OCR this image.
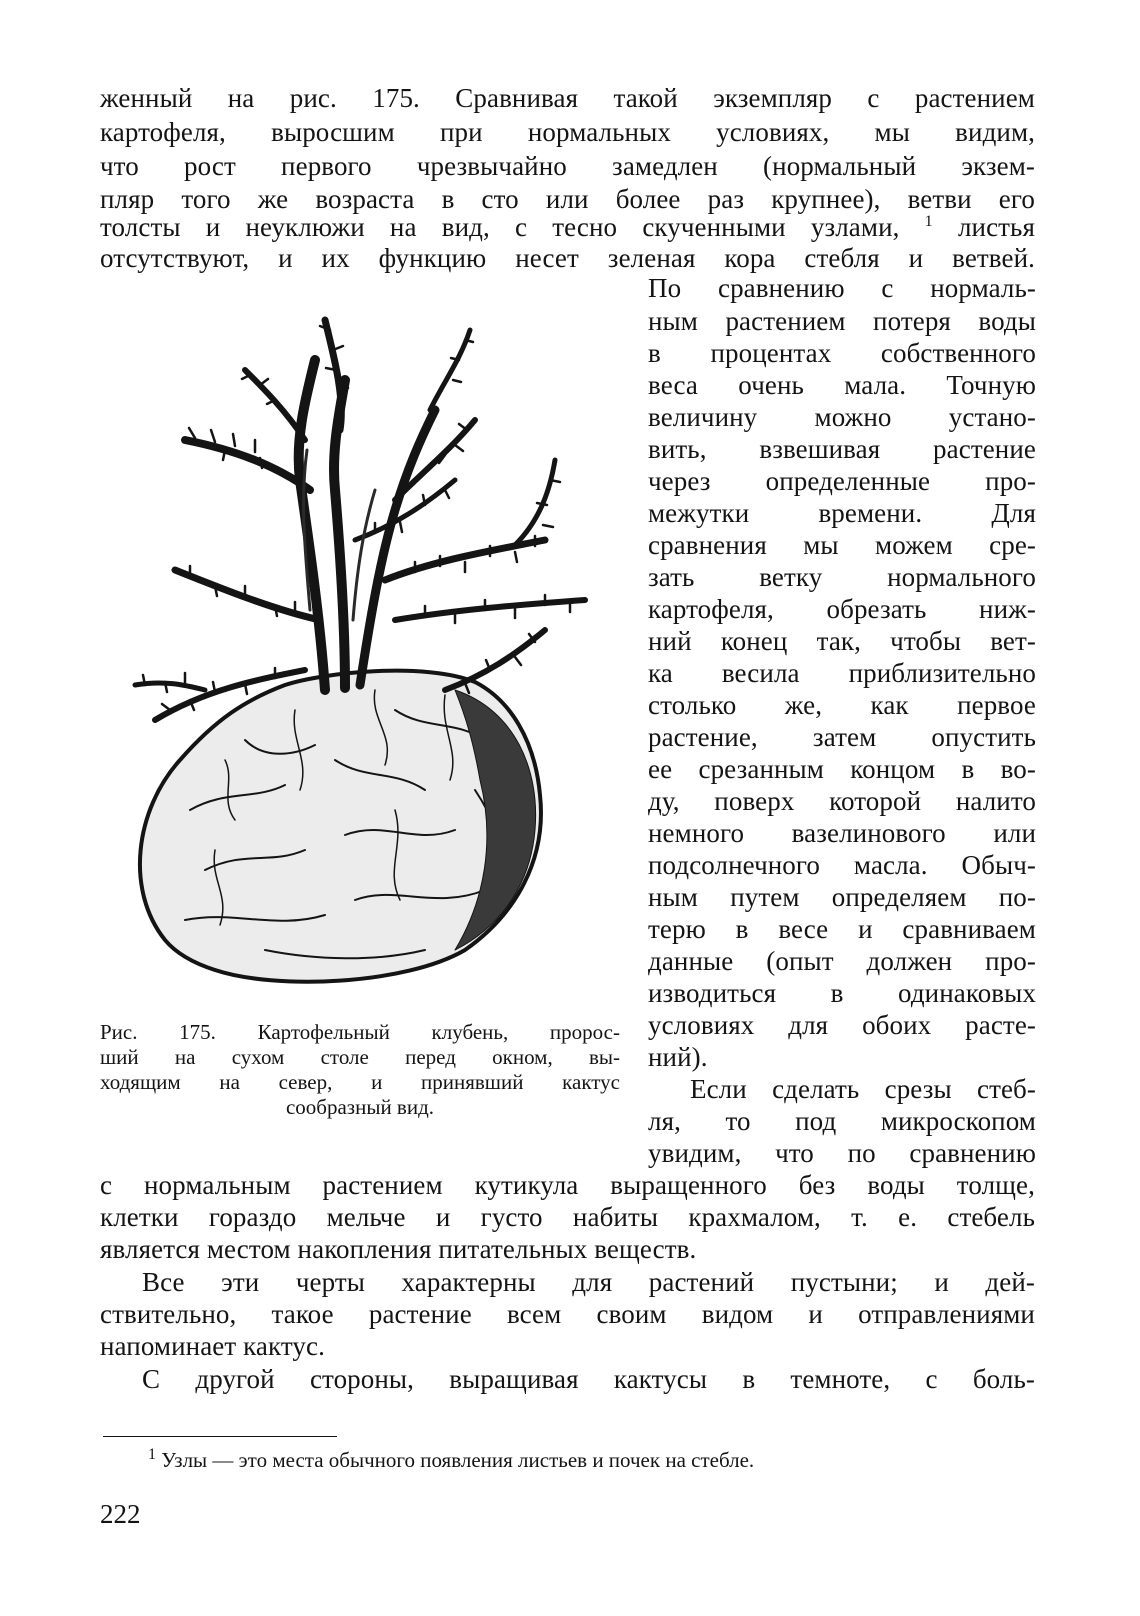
женный на рис. 175. Сравнивая такой экземпляр с растением

картофеля, выросшим при нормальных условиях, мы видим,

что рост первого чрезвычайно замедлен (нормальный экзем-

пляр того же возраста в сто или более раз крупнее), ветви его

толсты и неуклюжи на вид, с тесно скученными узлами, $^1$ листья

отсутствуют, и их функцию несет зеленая кора стебля и ветвей.

По сравнению с нормаль-

ным растением потеря воды

в процентах собственного

веса очень мала. Точную

величину можно устано-

вить, взвешивая растение

через определенные про-

межутки времени. Для

сравнения мы можем сре-

зать ветку нормального

картофеля, обрезать ниж-

ний конец так, чтобы вет-

ка весила приблизительно

столько же, как первое

растение, затем опустить

ее срезанным концом в во-

ду, поверх которой налито

немного вазелинового или

подсолнечного масла. Обыч-

ным путем определяем по-

терю в весе и сравниваем

данные (опыт должен про-

изводиться в одинаковых

условиях для обоих расте-

ний).

Если сделать срезы стеб-

ля, то под микроскопом

увидим, что по сравнению

с нормальным растением кутикула выращенного без воды толще,

клетки гораздо мельче и густо набиты крахмалом, т. е. стебель

является местом накопления питательных веществ.

Все эти черты характерны для растений пустыни; и дей-

ствительно, такое растение всем своим видом и отправлениями

напоминает кактус.

С другой стороны, выращивая кактусы в темноте, с боль-

Рис. 175. Картофельный клубень, пророс-

ший на сухом столе перед окном, вы-

ходящим на север, и принявший кактус

сообразный вид.

$^1$ Узлы — это места обычного появления листьев и почек на стебле.

222
